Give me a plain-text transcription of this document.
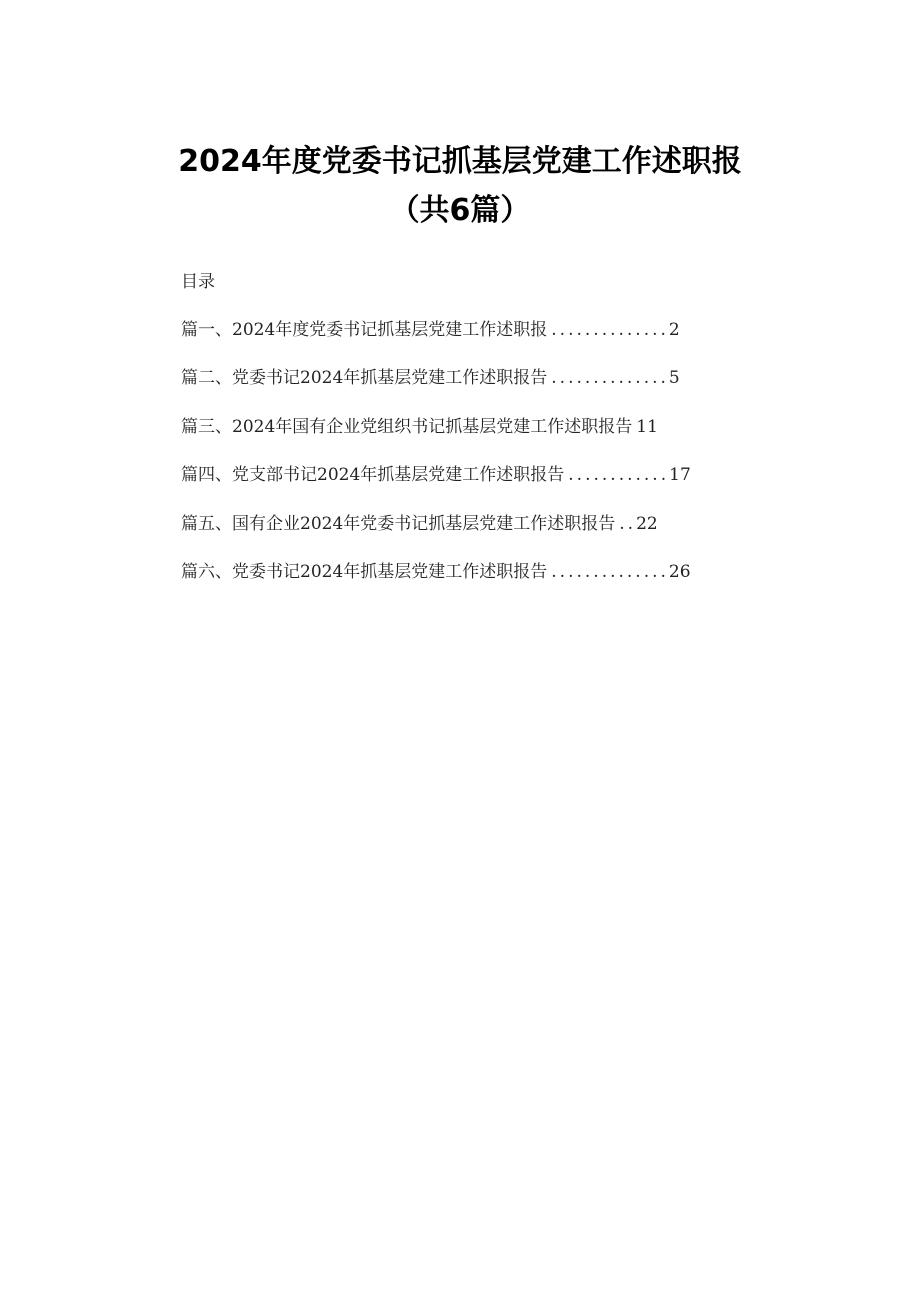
2024年度党委书记抓基层党建工作述职报
（共6篇）
目录
篇一、2024年度党委书记抓基层党建工作述职报 .............. 2
篇二、党委书记2024年抓基层党建工作述职报告 .............. 5
篇三、2024年国有企业党组织书记抓基层党建工作述职报告 11
篇四、党支部书记2024年抓基层党建工作述职报告 ............ 17
篇五、国有企业2024年党委书记抓基层党建工作述职报告 .. 22
篇六、党委书记2024年抓基层党建工作述职报告 .............. 26
